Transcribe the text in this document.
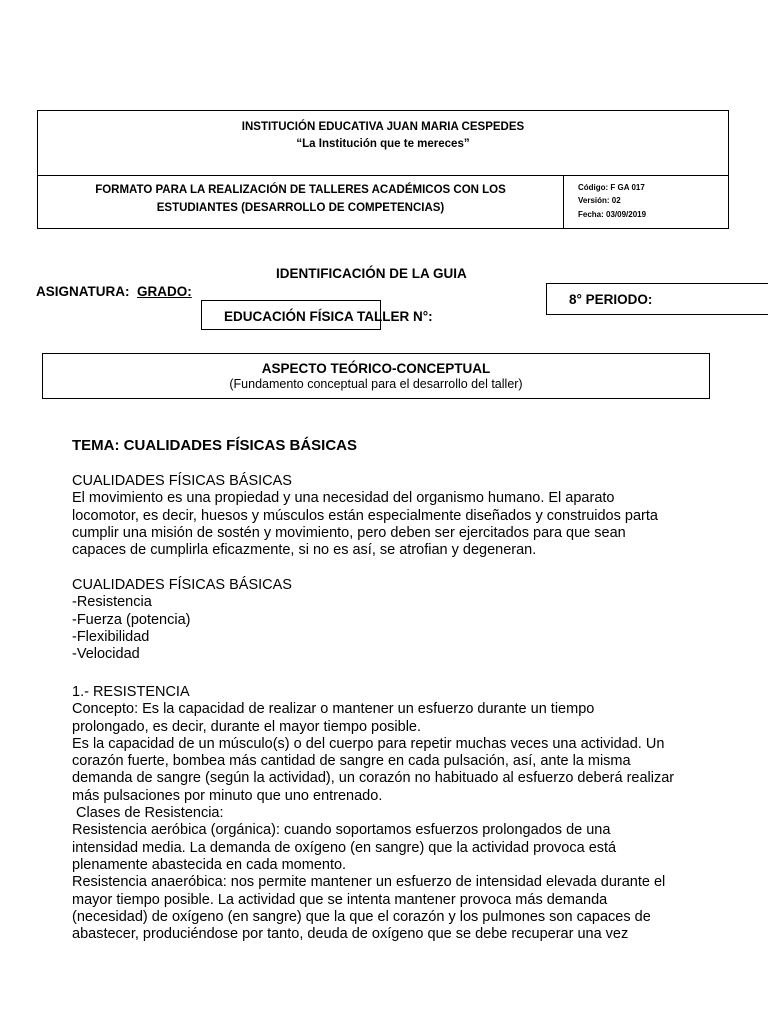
INSTITUCIÓN EDUCATIVA JUAN MARIA CESPEDES
“La Institución que te mereces”
FORMATO PARA LA REALIZACIÓN DE TALLERES ACADÉMICOS CON LOS
ESTUDIANTES (DESARROLLO DE COMPETENCIAS)
Código: F GA 017
Versión: 02
Fecha: 03/09/2019
IDENTIFICACIÓN DE LA GUIA
ASIGNATURA: GRADO:
EDUCACIÓN FÍSICA TALLER N°:
8° PERIODO:
ASPECTO TEÓRICO-CONCEPTUAL
(Fundamento conceptual para el desarrollo del taller)
TEMA: CUALIDADES FÍSICAS BÁSICAS
CUALIDADES FÍSICAS BÁSICAS
El movimiento es una propiedad y una necesidad del organismo humano. El aparato
locomotor, es decir, huesos y músculos están especialmente diseñados y construidos parta
cumplir una misión de sostén y movimiento, pero deben ser ejercitados para que sean
capaces de cumplirla eficazmente, si no es así, se atrofian y degeneran.
CUALIDADES FÍSICAS BÁSICAS
-Resistencia
-Fuerza (potencia)
-Flexibilidad
-Velocidad
1.- RESISTENCIA
Concepto: Es la capacidad de realizar o mantener un esfuerzo durante un tiempo
prolongado, es decir, durante el mayor tiempo posible.
Es la capacidad de un músculo(s) o del cuerpo para repetir muchas veces una actividad. Un
corazón fuerte, bombea más cantidad de sangre en cada pulsación, así, ante la misma
demanda de sangre (según la actividad), un corazón no habituado al esfuerzo deberá realizar
más pulsaciones por minuto que uno entrenado.
Clases de Resistencia:
Resistencia aeróbica (orgánica): cuando soportamos esfuerzos prolongados de una
intensidad media. La demanda de oxígeno (en sangre) que la actividad provoca está
plenamente abastecida en cada momento.
Resistencia anaeróbica: nos permite mantener un esfuerzo de intensidad elevada durante el
mayor tiempo posible. La actividad que se intenta mantener provoca más demanda
(necesidad) de oxígeno (en sangre) que la que el corazón y los pulmones son capaces de
abastecer, produciéndose por tanto, deuda de oxígeno que se debe recuperar una vez
